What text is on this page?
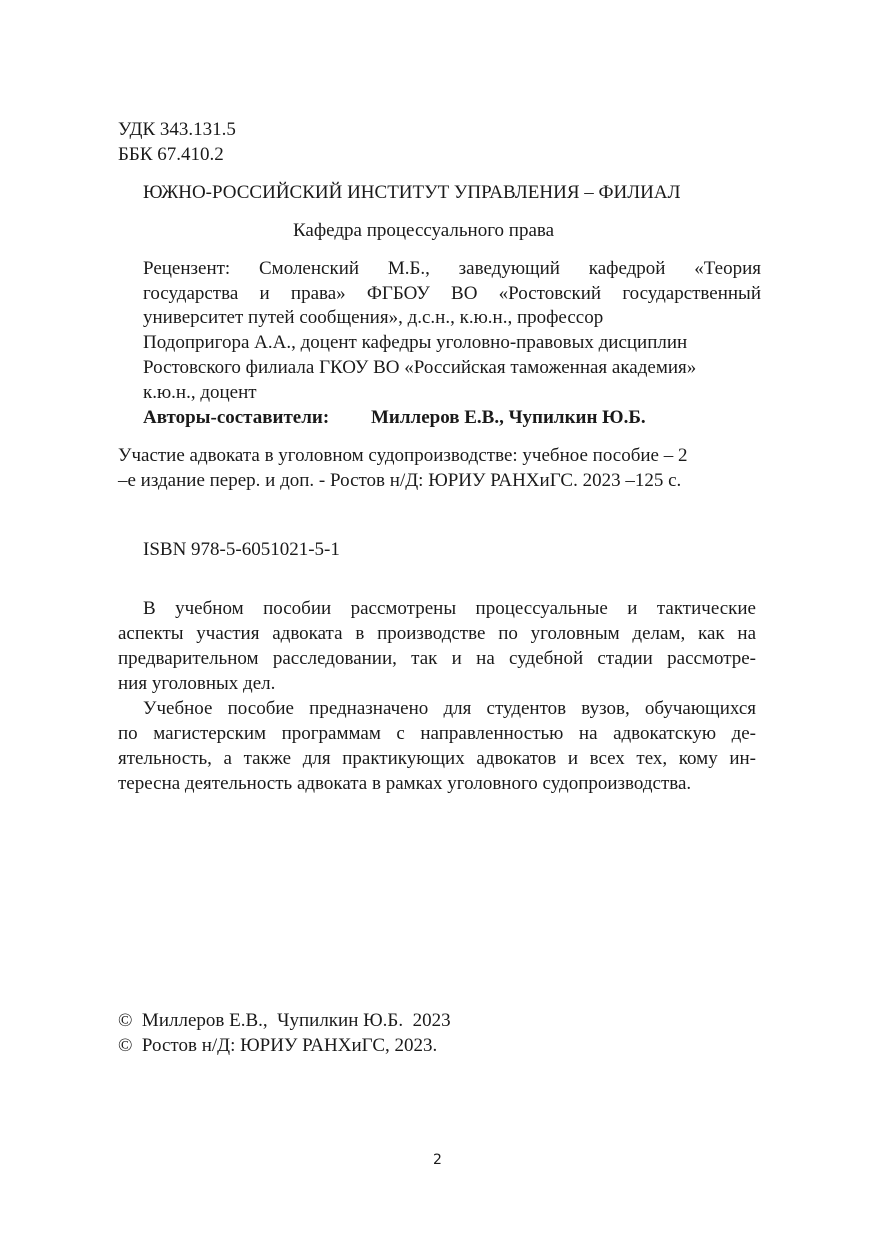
УДК 343.131.5
ББК 67.410.2
ЮЖНО-РОССИЙСКИЙ ИНСТИТУТ УПРАВЛЕНИЯ – ФИЛИАЛ
Кафедра процессуального права
Рецензент: Смоленский М.Б., заведующий кафедрой «Теория
государства и права» ФГБОУ ВО «Ростовский государственный
университет путей сообщения», д.с.н., к.ю.н., профессор
Подопригора А.А., доцент кафедры уголовно-правовых дисциплин
Ростовского филиала ГКОУ ВО «Российская таможенная академия»
к.ю.н., доцент
Авторы-составители: Миллеров Е.В., Чупилкин Ю.Б.
Участие адвоката в уголовном судопроизводстве: учебное пособие – 2
–е издание перер. и доп. - Ростов н/Д: ЮРИУ РАНХиГС. 2023 –125 с.
ISBN 978-5-6051021-5-1
В учебном пособии рассмотрены процессуальные и тактические
аспекты участия адвоката в производстве по уголовным делам, как на
предварительном расследовании, так и на судебной стадии рассмотре-
ния уголовных дел.
Учебное пособие предназначено для студентов вузов, обучающихся
по магистерским программам с направленностью на адвокатскую де-
ятельность, а также для практикующих адвокатов и всех тех, кому ин-
тересна деятельность адвоката в рамках уголовного судопроизводства.
©  Миллеров Е.В.,  Чупилкин Ю.Б.  2023
©  Ростов н/Д: ЮРИУ РАНХиГС, 2023.
2
